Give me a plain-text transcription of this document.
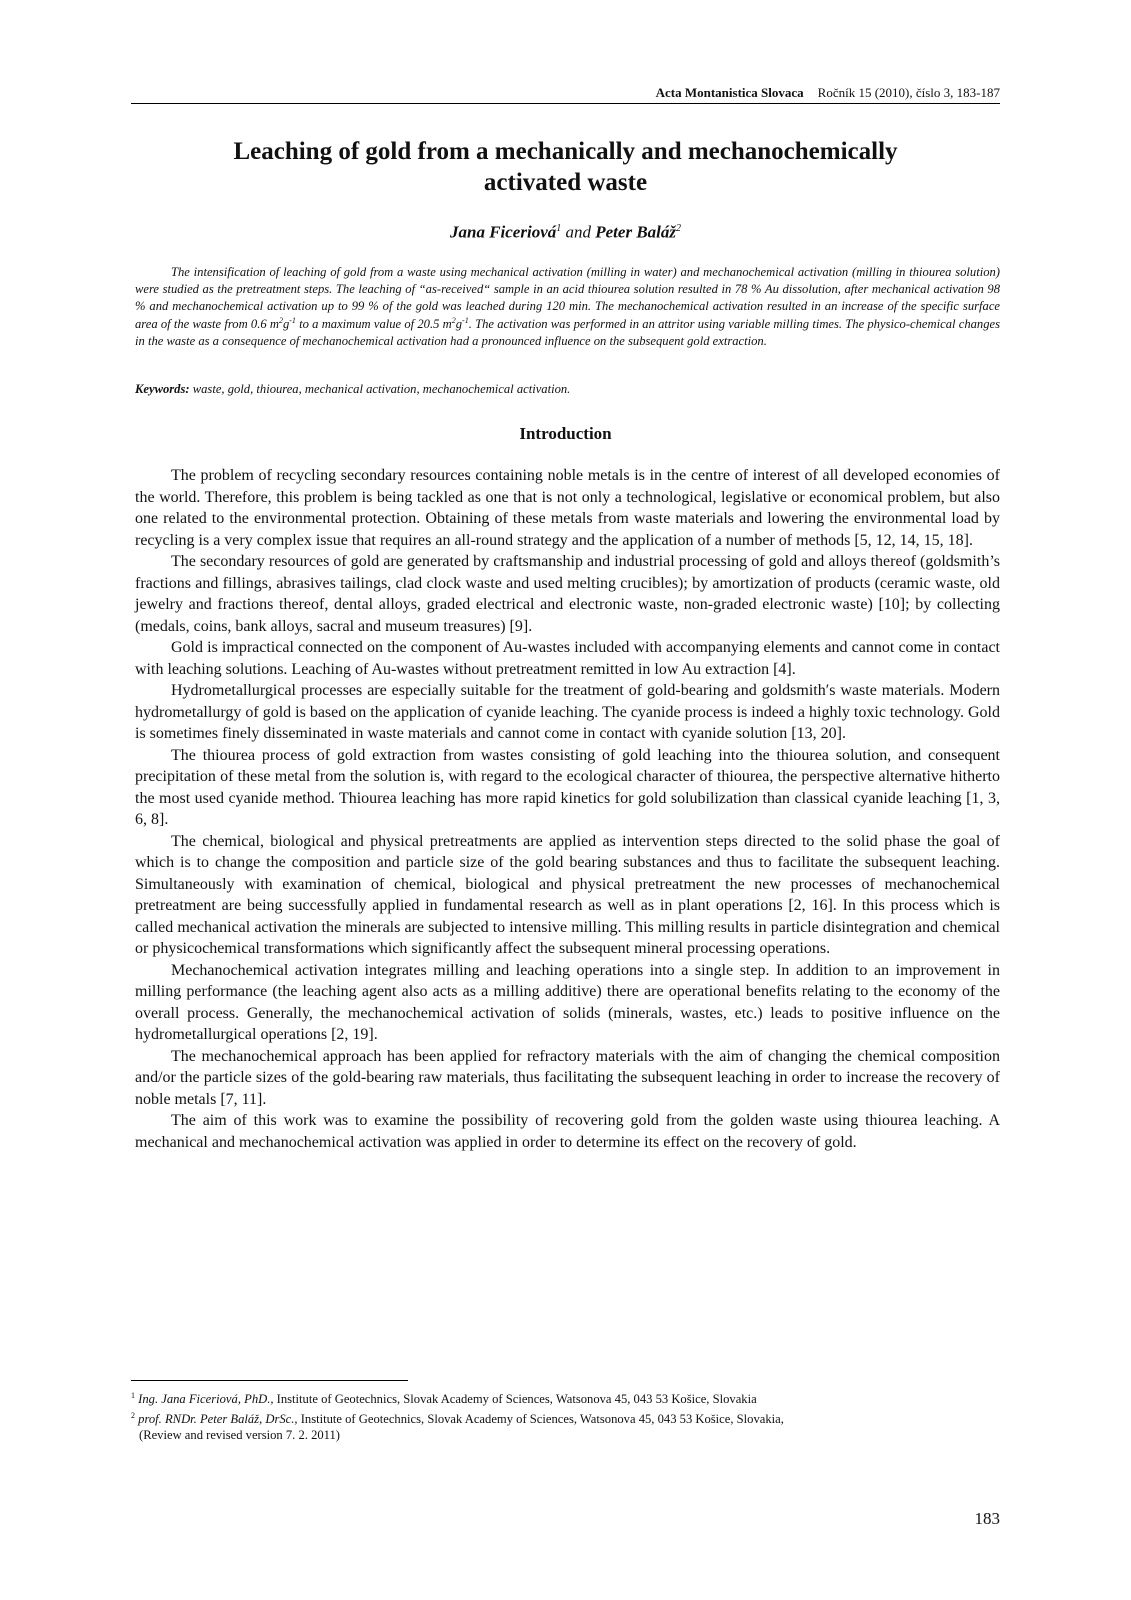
Acta Montanistica Slovaca Ročník 15 (2010), číslo 3, 183-187
Leaching of gold from a mechanically and mechanochemically
activated waste
Jana Ficeriová$^1$ and Peter Baláž$^2$

The intensification of leaching of gold from a waste using mechanical activation (milling in water) and mechanochemical activation (milling in thiourea solution) were studied as the pretreatment steps. The leaching of “as-received“ sample in an acid thiourea solution resulted in 78 % Au dissolution, after mechanical activation 98 % and mechanochemical activation up to 99 % of the gold was leached during 120 min. The mechanochemical activation resulted in an increase of the specific surface area of the waste from 0.6 $m^2g^{-1}$ to a maximum value of 20.5 $m^2g^{-1}$. The activation was performed in an attritor using variable milling times. The physico-chemical changes in the waste as a consequence of mechanochemical activation had a pronounced influence on the subsequent gold extraction.

Keywords: waste, gold, thiourea, mechanical activation, mechanochemical activation.
Introduction

The problem of recycling secondary resources containing noble metals is in the centre of interest of all developed economies of the world. Therefore, this problem is being tackled as one that is not only a technological, legislative or economical problem, but also one related to the environmental protection. Obtaining of these metals from waste materials and lowering the environmental load by recycling is a very complex issue that requires an all-round strategy and the application of a number of methods [5, 12, 14, 15, 18].

The secondary resources of gold are generated by craftsmanship and industrial processing of gold and alloys thereof (goldsmith’s fractions and fillings, abrasives tailings, clad clock waste and used melting crucibles); by amortization of products (ceramic waste, old jewelry and fractions thereof, dental alloys, graded electrical and electronic waste, non-graded electronic waste) [10]; by collecting (medals, coins, bank alloys, sacral and museum treasures) [9].

Gold is impractical connected on the component of Au-wastes included with accompanying elements and cannot come in contact with leaching solutions. Leaching of Au-wastes without pretreatment remitted in low Au extraction [4].

Hydrometallurgical processes are especially suitable for the treatment of gold-bearing and goldsmith′s waste materials. Modern hydrometallurgy of gold is based on the application of cyanide leaching. The cyanide process is indeed a highly toxic technology. Gold is sometimes finely disseminated in waste materials and cannot come in contact with cyanide solution [13, 20].

The thiourea process of gold extraction from wastes consisting of gold leaching into the thiourea solution, and consequent precipitation of these metal from the solution is, with regard to the ecological character of thiourea, the perspective alternative hitherto the most used cyanide method. Thiourea leaching has more rapid kinetics for gold solubilization than classical cyanide leaching [1, 3, 6, 8].

The chemical, biological and physical pretreatments are applied as intervention steps directed to the solid phase the goal of which is to change the composition and particle size of the gold bearing substances and thus to facilitate the subsequent leaching. Simultaneously with examination of chemical, biological and physical pretreatment the new processes of mechanochemical pretreatment are being successfully applied in fundamental research as well as in plant operations [2, 16]. In this process which is called mechanical activation the minerals are subjected to intensive milling. This milling results in particle disintegration and chemical or physicochemical transformations which significantly affect the subsequent mineral processing operations.

Mechanochemical activation integrates milling and leaching operations into a single step. In addition to an improvement in milling performance (the leaching agent also acts as a milling additive) there are operational benefits relating to the economy of the overall process. Generally, the mechanochemical activation of solids (minerals, wastes, etc.) leads to positive influence on the hydrometallurgical operations [2, 19].

The mechanochemical approach has been applied for refractory materials with the aim of changing the chemical composition and/or the particle sizes of the gold-bearing raw materials, thus facilitating the subsequent leaching in order to increase the recovery of noble metals [7, 11].

The aim of this work was to examine the possibility of recovering gold from the golden waste using thiourea leaching. A mechanical and mechanochemical activation was applied in order to determine its effect on the recovery of gold.

$^1$ Ing. Jana Ficeriová, PhD., Institute of Geotechnics, Slovak Academy of Sciences, Watsonova 45, 043 53 Košice, Slovakia

$^2$ prof. RNDr. Peter Baláž, DrSc., Institute of Geotechnics, Slovak Academy of Sciences, Watsonova 45, 043 53 Košice, Slovakia,

(Review and revised version 7. 2. 2011)

183
